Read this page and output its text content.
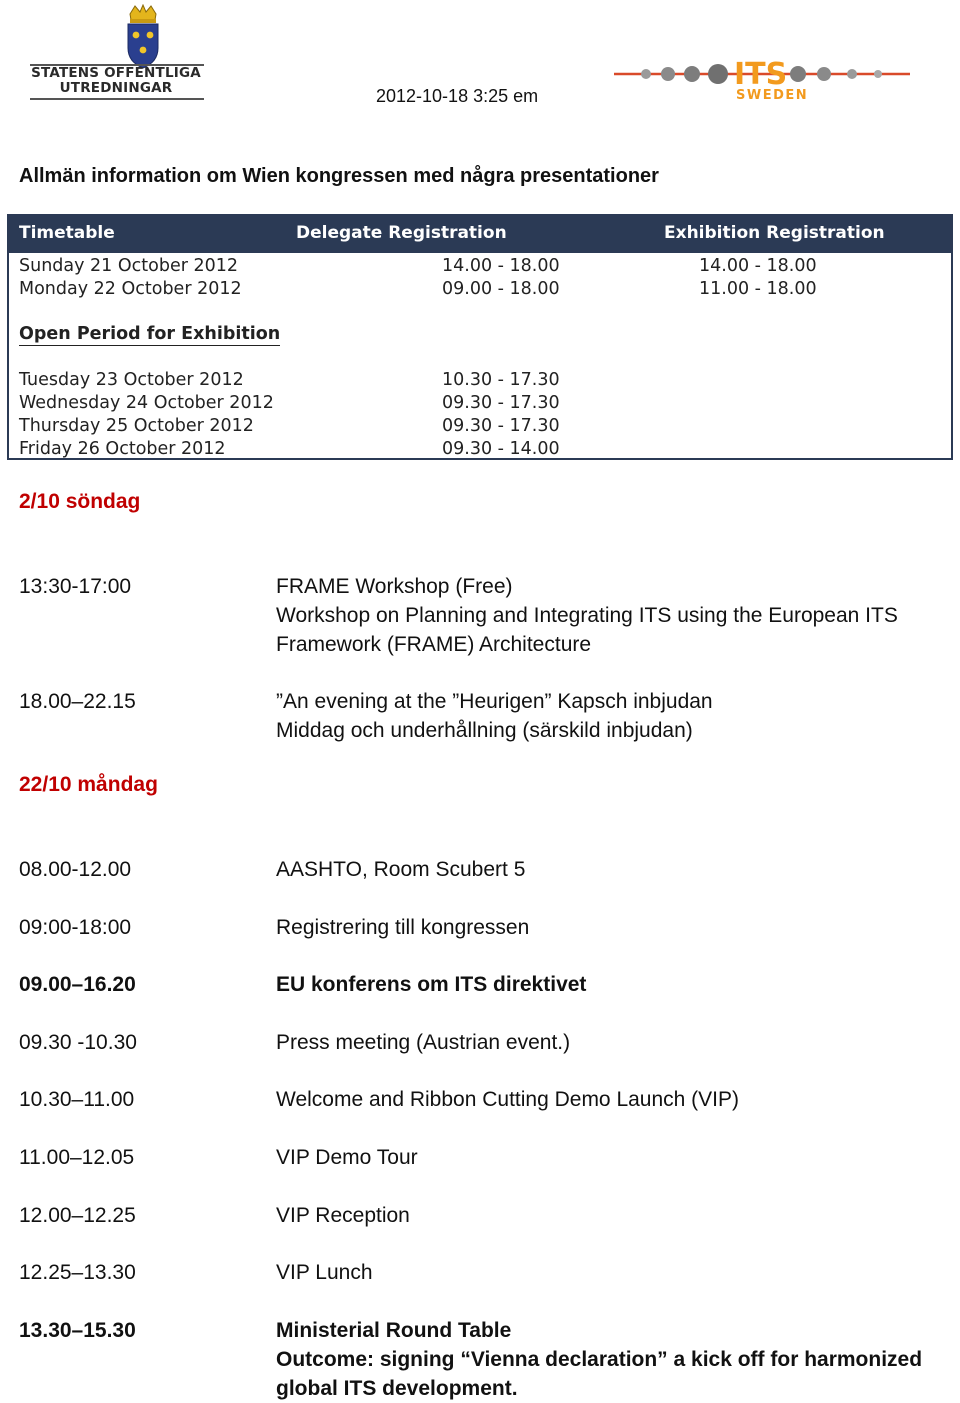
STATENS OFFENTLIGA
UTREDNINGAR	ITS
SWEDEN
2012-10-18 3:25 em
Allmän information om Wien kongressen med några presentationer
Timetable	Delegate Registration	Exhibition Registration
Sunday 21 October 2012	14.00 - 18.00	14.00 - 18.00
Monday 22 October 2012	09.00 - 18.00	11.00 - 18.00
Open Period for Exhibition
Tuesday 23 October 2012	10.30 - 17.30
Wednesday 24 October 2012	09.30 - 17.30
Thursday 25 October 2012	09.30 - 17.30
Friday 26 October 2012	09.30 - 14.00
2/10 söndag
13:30-17:00	FRAME Workshop (Free)
Workshop on Planning and Integrating ITS using the European ITS
Framework (FRAME) Architecture
18.00–22.15	”An evening at the ”Heurigen” Kapsch inbjudan
Middag och underhållning (särskild inbjudan)
22/10 måndag
08.00-12.00	AASHTO, Room Scubert 5
09:00-18:00	Registrering till kongressen
09.00–16.20	EU konferens om ITS direktivet
09.30 -10.30	Press meeting (Austrian event.)
10.30–11.00	Welcome and Ribbon Cutting Demo Launch (VIP)
11.00–12.05	VIP Demo Tour
12.00–12.25	VIP Reception
12.25–13.30	VIP Lunch
13.30–15.30	Ministerial Round Table
Outcome: signing “Vienna declaration” a kick off for harmonized
global ITS development.
